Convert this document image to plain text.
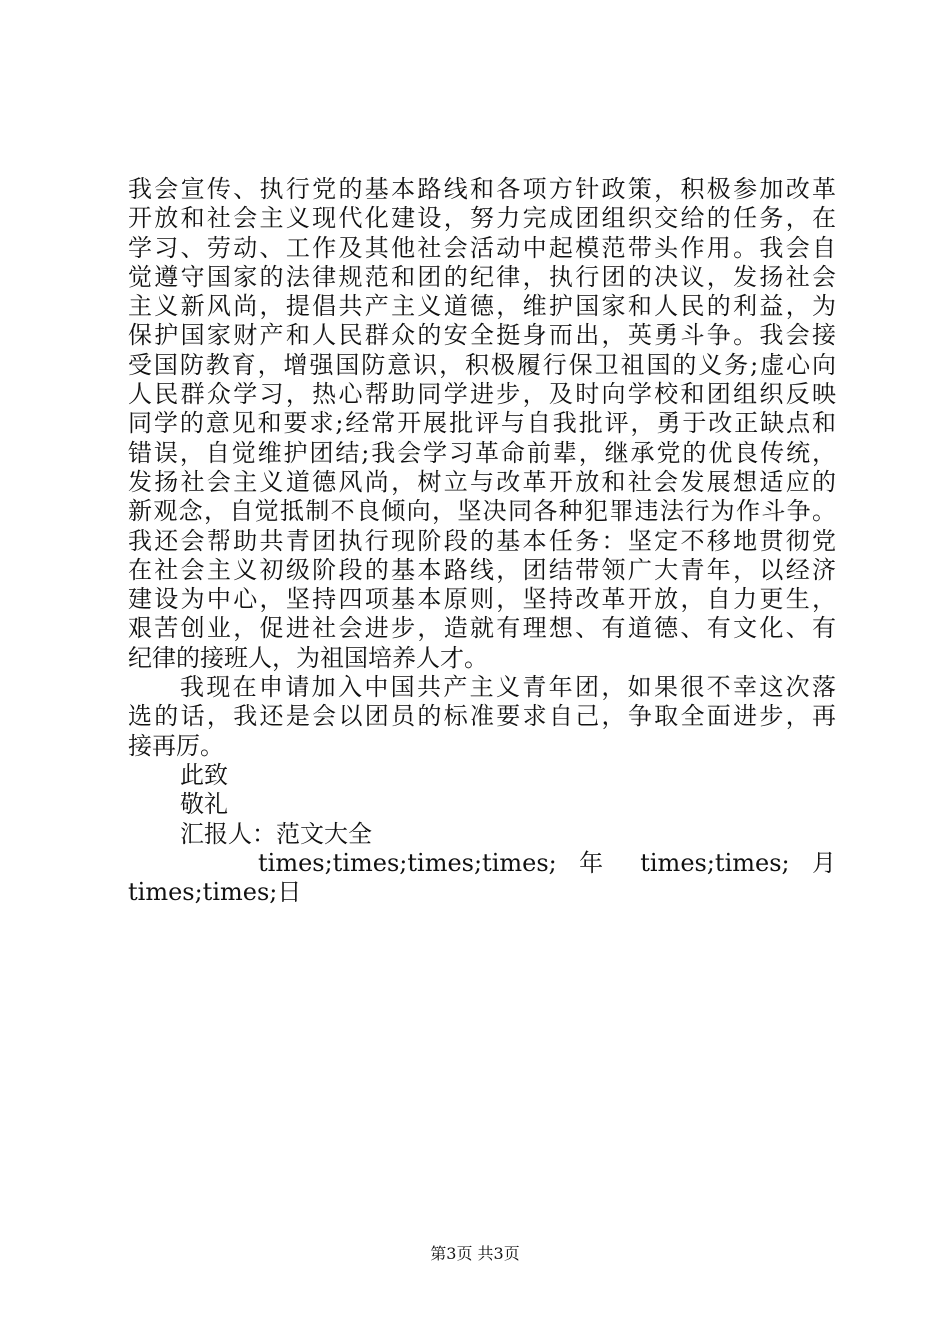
我会宣传、执行党的基本路线和各项方针政策，积极参加改革
开放和社会主义现代化建设，努力完成团组织交给的任务，在
学习、劳动、工作及其他社会活动中起模范带头作用。我会自
觉遵守国家的法律规范和团的纪律，执行团的决议，发扬社会
主义新风尚，提倡共产主义道德，维护国家和人民的利益，为
保护国家财产和人民群众的安全挺身而出，英勇斗争。我会接
受国防教育，增强国防意识，积极履行保卫祖国的义务;虚心向
人民群众学习，热心帮助同学进步，及时向学校和团组织反映
同学的意见和要求;经常开展批评与自我批评，勇于改正缺点和
错误，自觉维护团结;我会学习革命前辈，继承党的优良传统，
发扬社会主义道德风尚，树立与改革开放和社会发展想适应的
新观念，自觉抵制不良倾向，坚决同各种犯罪违法行为作斗争。
我还会帮助共青团执行现阶段的基本任务：坚定不移地贯彻党
在社会主义初级阶段的基本路线，团结带领广大青年，以经济
建设为中心，坚持四项基本原则，坚持改革开放，自力更生，
艰苦创业，促进社会进步，造就有理想、有道德、有文化、有
纪律的接班人，为祖国培养人才。
我现在申请加入中国共产主义青年团，如果很不幸这次落
选的话，我还是会以团员的标准要求自己，争取全面进步，再
接再厉。
此致
敬礼
汇报人：范文大全
times;times;times;times; 年 times;times; 月
times;times;日
第3页 共3页
